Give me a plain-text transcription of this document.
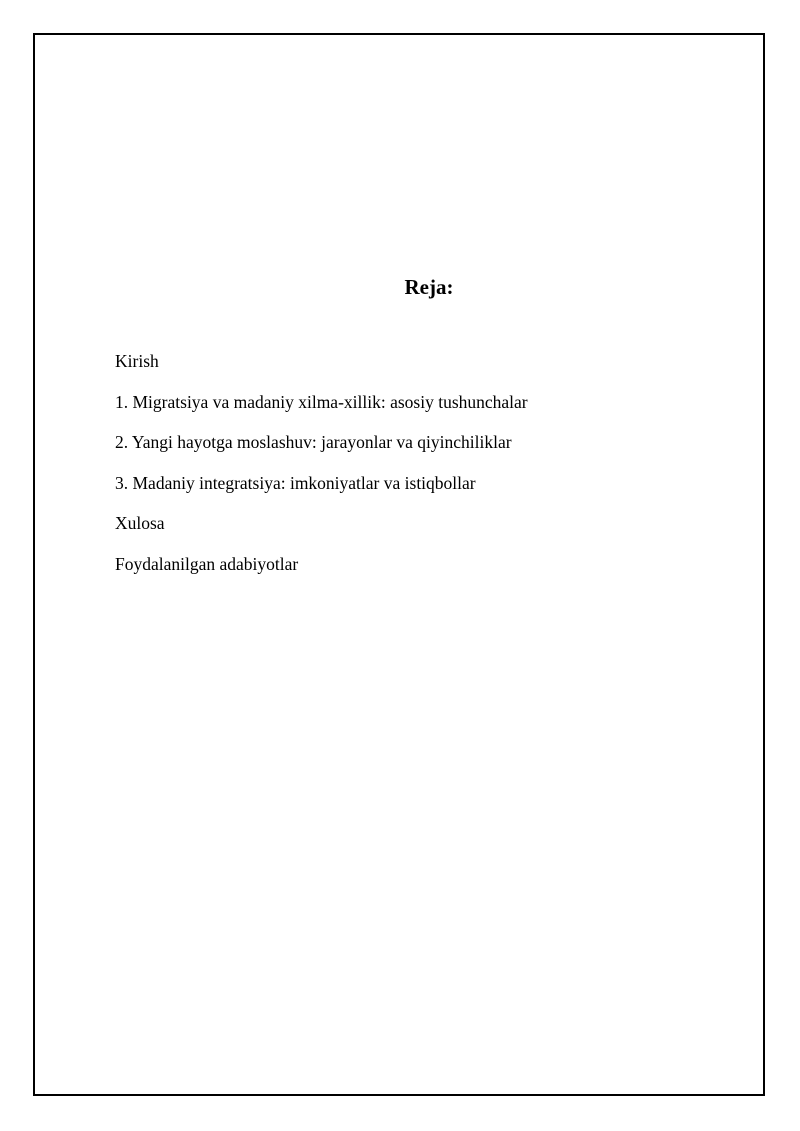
Reja:
Kirish
1. Migratsiya va madaniy xilma-xillik: asosiy tushunchalar
2. Yangi hayotga moslashuv: jarayonlar va qiyinchiliklar
3. Madaniy integratsiya: imkoniyatlar va istiqbollar
Xulosa
Foydalanilgan adabiyotlar
